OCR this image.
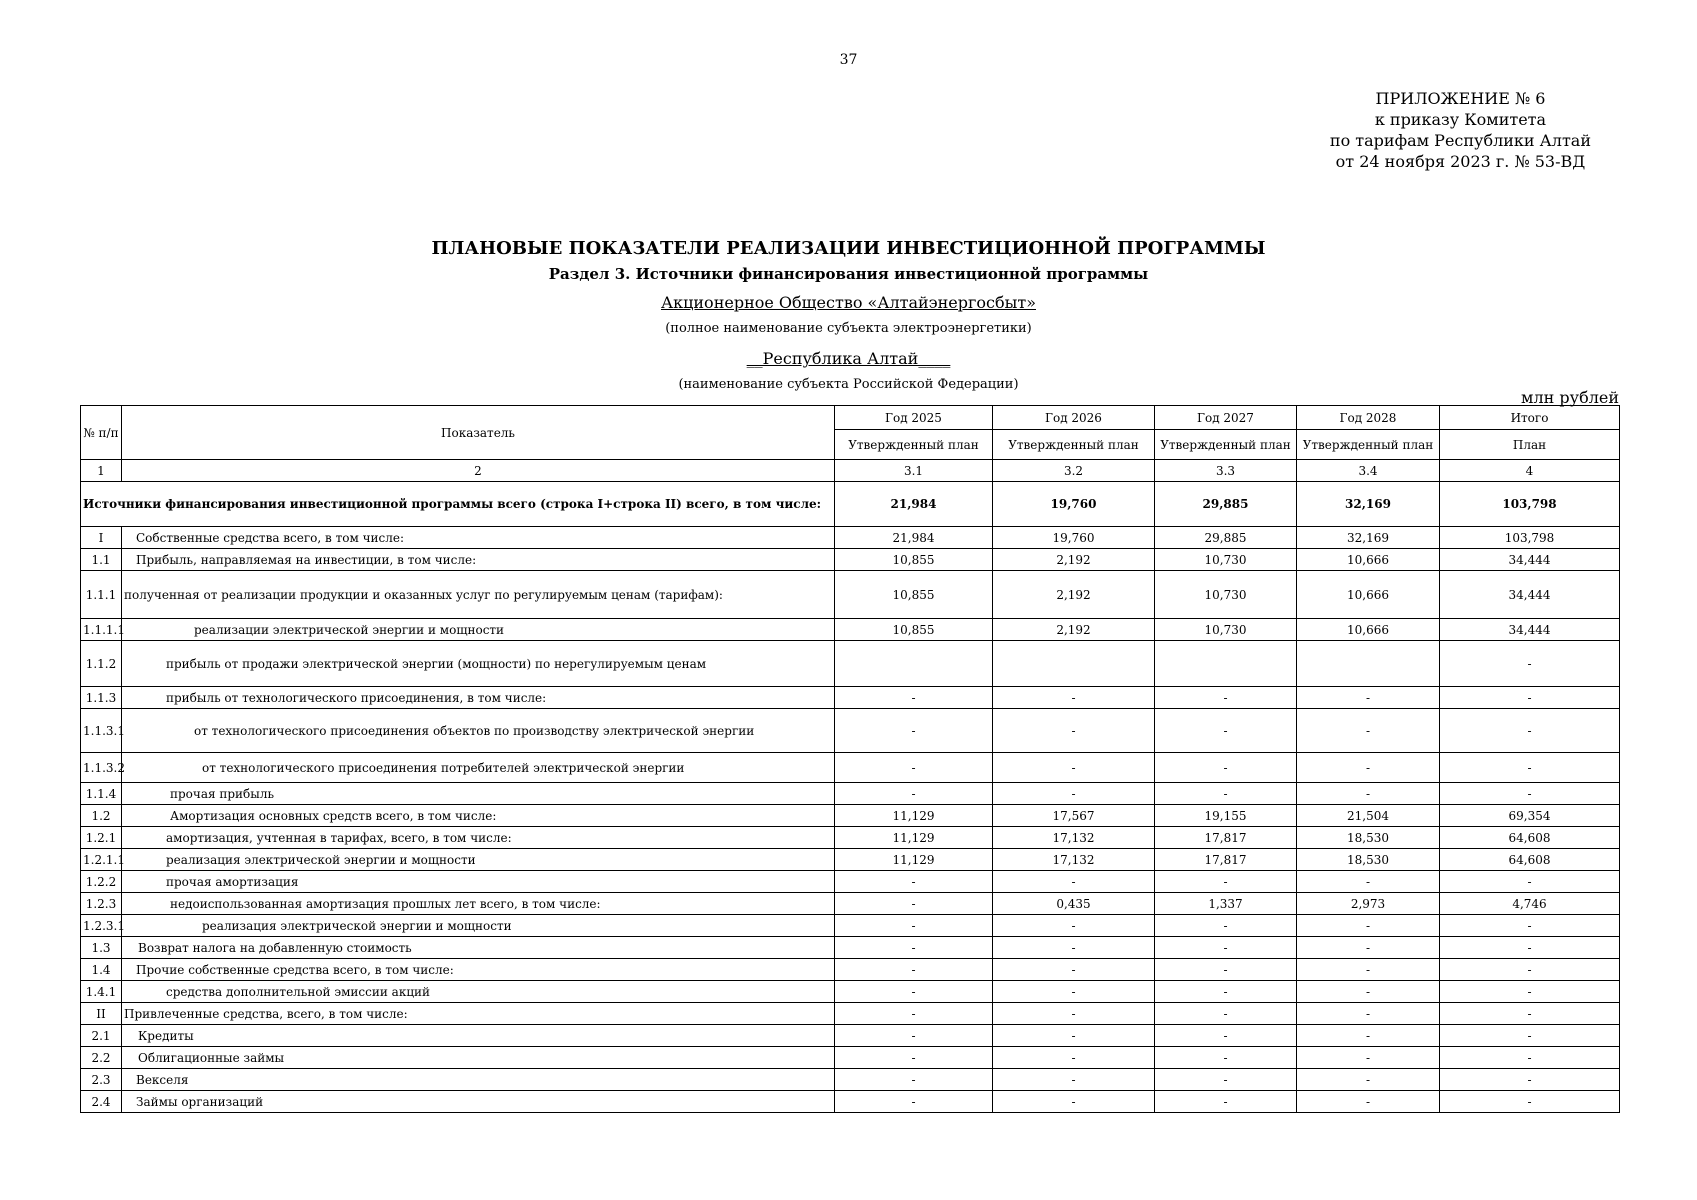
37
ПРИЛОЖЕНИЕ № 6
к приказу Комитета
по тарифам Республики Алтай
от 24 ноября 2023 г. № 53-ВД
ПЛАНОВЫЕ ПОКАЗАТЕЛИ РЕАЛИЗАЦИИ ИНВЕСТИЦИОННОЙ ПРОГРАММЫ
Раздел 3. Источники финансирования инвестиционной программы
Акционерное Общество «Алтайэнергосбыт»
(полное наименование субъекта электроэнергетики)
__Республика Алтай____
(наименование субъекта Российской Федерации)
млн рублей
№ п/п	Показатель	Год 2025	Год 2026	Год 2027	Год 2028	Итого
		Утвержденный план	Утвержденный план	Утвержденный план	Утвержденный план	План
1	2	3.1	3.2	3.3	3.4	4
Источники финансирования инвестиционной программы всего (строка I+строка II) всего, в том числе:		21,984	19,760	29,885	32,169	103,798
I	Собственные средства всего, в том числе:	21,984	19,760	29,885	32,169	103,798
1.1	Прибыль, направляемая на инвестиции, в том числе:	10,855	2,192	10,730	10,666	34,444
1.1.1	полученная от реализации продукции и оказанных услуг по регулируемым ценам (тарифам):	10,855	2,192	10,730	10,666	34,444
1.1.1.1	реализации электрической энергии и мощности	10,855	2,192	10,730	10,666	34,444
1.1.2	прибыль от продажи электрической энергии (мощности) по нерегулируемым ценам					-
1.1.3	прибыль от технологического присоединения, в том числе:	-	-	-	-	-
1.1.3.1	от технологического присоединения объектов по производству электрической энергии	-	-	-	-	-
1.1.3.2	от технологического присоединения потребителей электрической энергии	-	-	-	-	-
1.1.4	прочая прибыль	-	-	-	-	-
1.2	Амортизация основных средств всего, в том числе:	11,129	17,567	19,155	21,504	69,354
1.2.1	амортизация, учтенная в тарифах, всего, в том числе:	11,129	17,132	17,817	18,530	64,608
1.2.1.1	реализация электрической энергии и мощности	11,129	17,132	17,817	18,530	64,608
1.2.2	прочая амортизация	-	-	-	-	-
1.2.3	недоиспользованная амортизация прошлых лет всего, в том числе:	-	0,435	1,337	2,973	4,746
1.2.3.1	реализация электрической энергии и мощности	-	-	-	-	-
1.3	Возврат налога на добавленную стоимость	-	-	-	-	-
1.4	Прочие собственные средства всего, в том числе:	-	-	-	-	-
1.4.1	средства дополнительной эмиссии акций	-	-	-	-	-
II	Привлеченные средства, всего, в том числе:	-	-	-	-	-
2.1	Кредиты	-	-	-	-	-
2.2	Облигационные займы	-	-	-	-	-
2.3	Векселя	-	-	-	-	-
2.4	Займы организаций	-	-	-	-	-
